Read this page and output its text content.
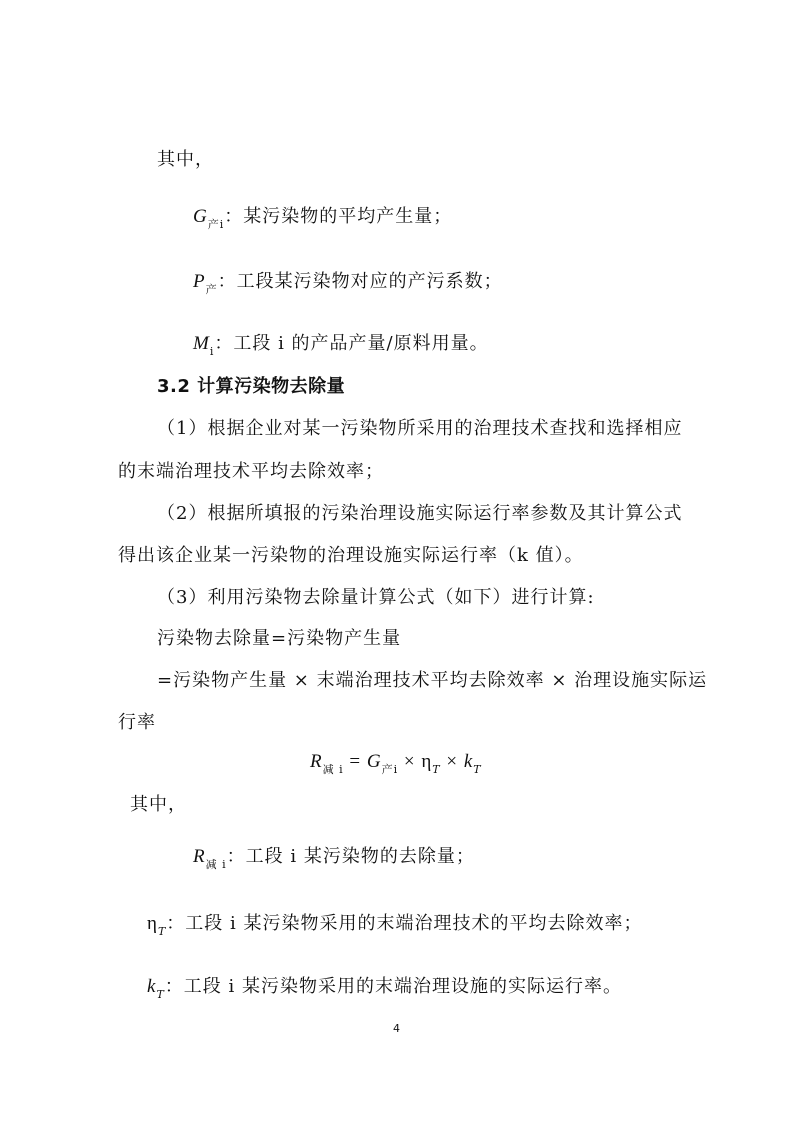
其中，
$G_{产i}$：某污染物的平均产生量；
$P_产$：工段某污染物对应的产污系数；
$M_i$：工段 i 的产品产量/原料用量。
3.2 计算污染物去除量
（1）根据企业对某一污染物所采用的治理技术查找和选择相应
的末端治理技术平均去除效率；
（2）根据所填报的污染治理设施实际运行率参数及其计算公式
得出该企业某一污染物的治理设施实际运行率（k 值）。
（3）利用污染物去除量计算公式（如下）进行计算:
污染物去除量=污染物产生量
=污染物产生量 × 末端治理技术平均去除效率 × 治理设施实际运
行率
$R_{减 i} = G_{产i} \times \eta_T \times k_T$
其中，
$R_{减 i}$：工段 i 某污染物的去除量；
$\eta_T$：工段 i 某污染物采用的末端治理技术的平均去除效率；
$k_T$：工段 i 某污染物采用的末端治理设施的实际运行率。
4
